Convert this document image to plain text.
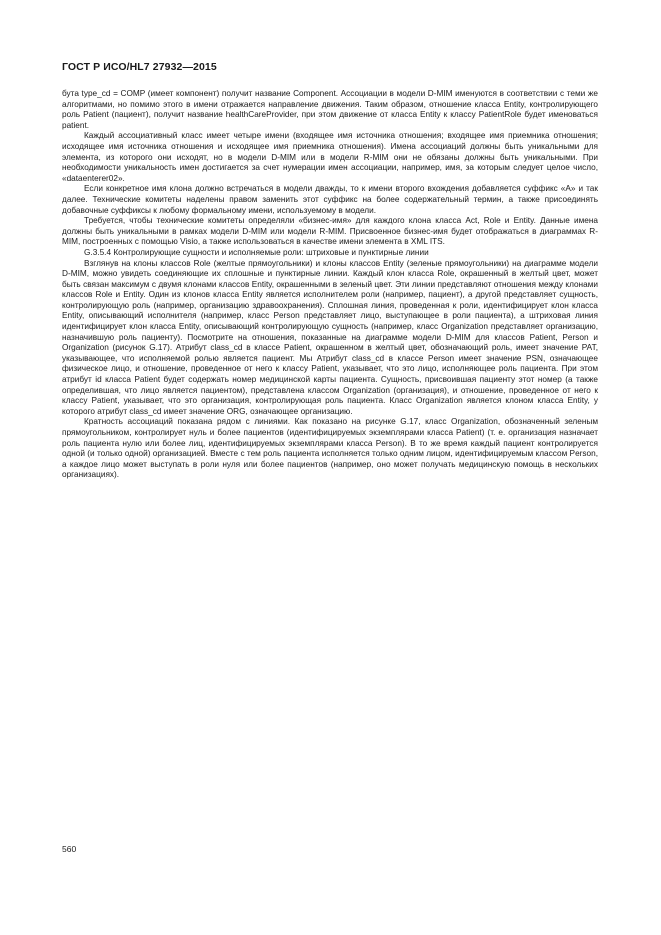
ГОСТ Р ИСО/HL7 27932—2015

бута type_cd = COMP (имеет компонент) получит название Component. Ассоциации в модели D-MIM именуются в соответствии с теми же алгоритмами, но помимо этого в имени отражается направление движения. Таким образом, отношение класса Entity, контролирующего роль Patient (пациент), получит название healthCareProvider, при этом движение от класса Entity к классу PatientRole будет именоваться patient.

Каждый ассоциативный класс имеет четыре имени (входящее имя источника отношения; входящее имя приемника отношения; исходящее имя источника отношения и исходящее имя приемника отношения). Имена ассоциаций должны быть уникальными для элемента, из которого они исходят, но в модели D-MIM или в модели R-MIM они не обязаны должны быть уникальными. При необходимости уникальность имен достигается за счет нумерации имен ассоциации, например, имя, за которым следует целое число, «dataenterer02».

Если конкретное имя клона должно встречаться в модели дважды, то к имени второго вхождения добавляется суффикс «А» и так далее. Технические комитеты наделены правом заменить этот суффикс на более содержательный термин, а также присоединять добавочные суффиксы к любому формальному имени, используемому в модели.

Требуется, чтобы технические комитеты определяли «бизнес-имя» для каждого клона класса Act, Role и Entity. Данные имена должны быть уникальными в рамках модели D-MIM или модели R-MIM. Присвоенное бизнес-имя будет отображаться в диаграммах R-MIM, построенных с помощью Visio, а также использоваться в качестве имени элемента в XML ITS.

G.3.5.4 Контролирующие сущности и исполняемые роли: штриховые и пунктирные линии

Взглянув на клоны классов Role (желтые прямоугольники) и клоны классов Entity (зеленые прямоугольники) на диаграмме модели D-MIM, можно увидеть соединяющие их сплошные и пунктирные линии. Каждый клон класса Role, окрашенный в желтый цвет, может быть связан максимум с двумя клонами классов Entity, окрашенными в зеленый цвет. Эти линии представляют отношения между клонами классов Role и Entity. Один из клонов класса Entity является исполнителем роли (например, пациент), а другой представляет сущность, контролирующую роль (например, организацию здравоохранения). Сплошная линия, проведенная к роли, идентифицирует клон класса Entity, описывающий исполнителя (например, класс Person представляет лицо, выступающее в роли пациента), а штриховая линия идентифицирует клон класса Entity, описывающий контролирующую сущность (например, класс Organization представляет организацию, назначившую роль пациенту). Посмотрите на отношения, показанные на диаграмме модели D-MIM для классов Patient, Person и Organization (рисунок G.17). Атрибут class_cd в классе Patient, окрашенном в желтый цвет, обозначающий роль, имеет значение PAT, указывающее, что исполняемой ролью является пациент. Мы Атрибут class_cd в классе Person имеет значение PSN, означающее физическое лицо, и отношение, проведенное от него к классу Patient, указывает, что это лицо, исполняющее роль пациента. При этом атрибут id класса Patient будет содержать номер медицинской карты пациента. Сущность, присвоившая пациенту этот номер (а также определившая, что лицо является пациентом), представлена классом Organization (организация), и отношение, проведенное от него к классу Patient, указывает, что это организация, контролирующая роль пациента. Класс Organization является клоном класса Entity, у которого атрибут class_cd имеет значение ORG, означающее организацию.

Кратность ассоциаций показана рядом с линиями. Как показано на рисунке G.17, класс Organization, обозначенный зеленым прямоугольником, контролирует нуль и более пациентов (идентифицируемых экземплярами класса Patient) (т. е. организация назначает роль пациента нулю или более лиц, идентифицируемых экземплярами класса Person). В то же время каждый пациент контролируется одной (и только одной) организацией. Вместе с тем роль пациента исполняется только одним лицом, идентифицируемым классом Person, а каждое лицо может выступать в роли нуля или более пациентов (например, оно может получать медицинскую помощь в нескольких организациях).

560
